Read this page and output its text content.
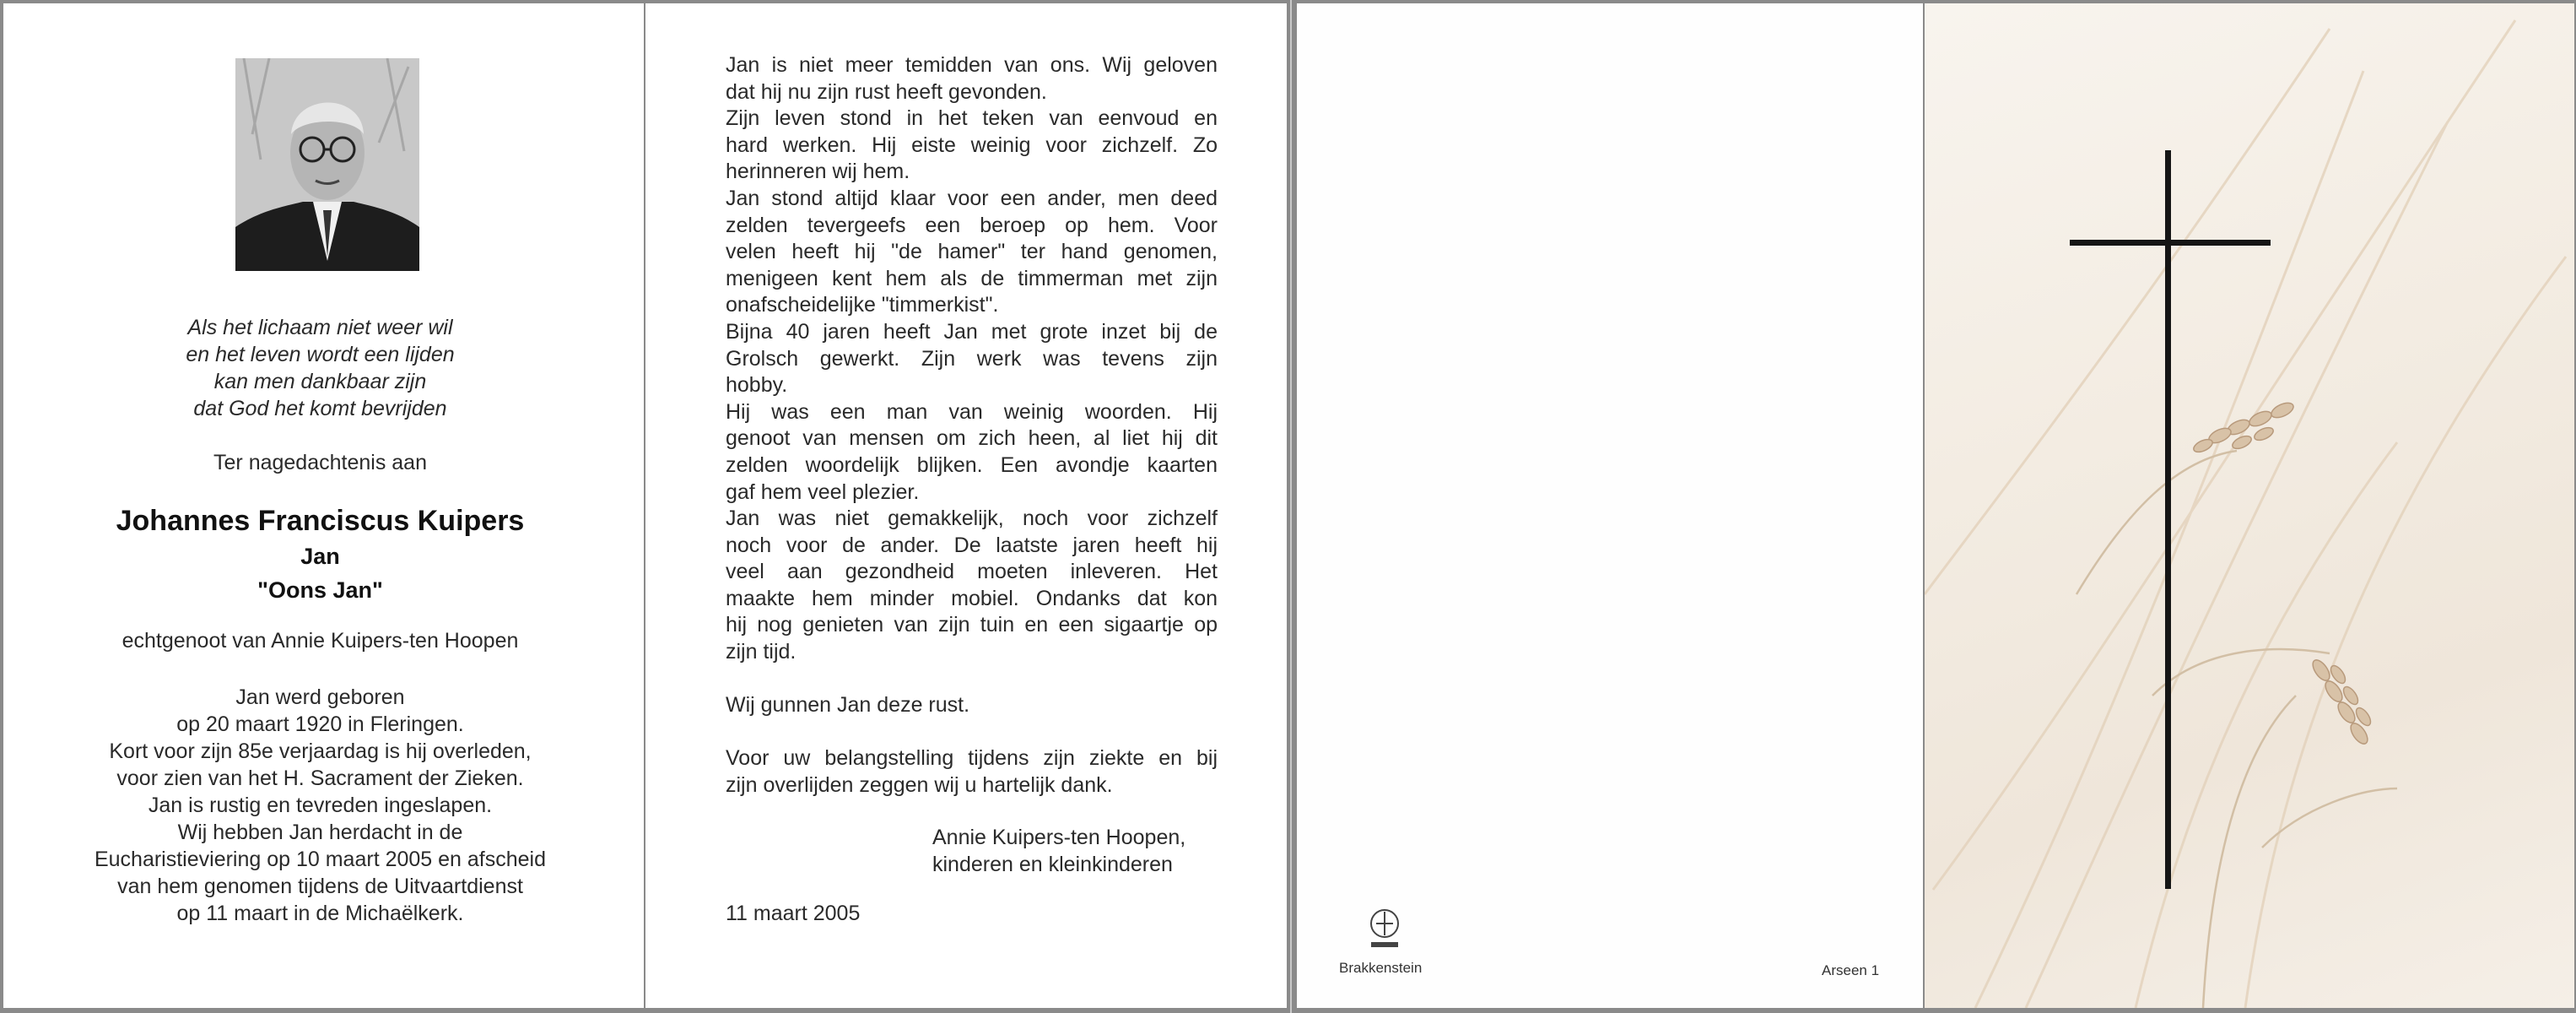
Als het lichaam niet weer wil
en het leven wordt een lijden
kan men dankbaar zijn
dat God het komt bevrijden
Ter nagedachtenis aan
Johannes Franciscus Kuipers
Jan
"Oons Jan"
echtgenoot van Annie Kuipers-ten Hoopen
Jan werd geboren
op 20 maart 1920 in Fleringen.
Kort voor zijn 85e verjaardag is hij overleden,
voor zien van het H. Sacrament der Zieken.
Jan is rustig en tevreden ingeslapen.
Wij hebben Jan herdacht in de
Eucharistieviering op 10 maart 2005 en afscheid
van hem genomen tijdens de Uitvaartdienst
op 11 maart in de Michaëlkerk.
Jan is niet meer temidden van ons. Wij geloven
dat hij nu zijn rust heeft gevonden.
Zijn leven stond in het teken van eenvoud en
hard werken. Hij eiste weinig voor zichzelf. Zo
herinneren wij hem.
Jan stond altijd klaar voor een ander, men deed
zelden tevergeefs een beroep op hem. Voor
velen heeft hij "de hamer" ter hand genomen,
menigeen kent hem als de timmerman met zijn
onafscheidelijke "timmerkist".
Bijna 40 jaren heeft Jan met grote inzet bij de
Grolsch gewerkt. Zijn werk was tevens zijn
hobby.
Hij was een man van weinig woorden. Hij
genoot van mensen om zich heen, al liet hij dit
zelden woordelijk blijken. Een avondje kaarten
gaf hem veel plezier.
Jan was niet gemakkelijk, noch voor zichzelf
noch voor de ander. De laatste jaren heeft hij
veel aan gezondheid moeten inleveren. Het
maakte hem minder mobiel. Ondanks dat kon
hij nog genieten van zijn tuin en een sigaartje op
zijn tijd.
Wij gunnen Jan deze rust.
Voor uw belangstelling tijdens zijn ziekte en bij
zijn overlijden zeggen wij u hartelijk dank.
Annie Kuipers-ten Hoopen,
kinderen en kleinkinderen
11 maart 2005
Brakkenstein	Arseen 1
